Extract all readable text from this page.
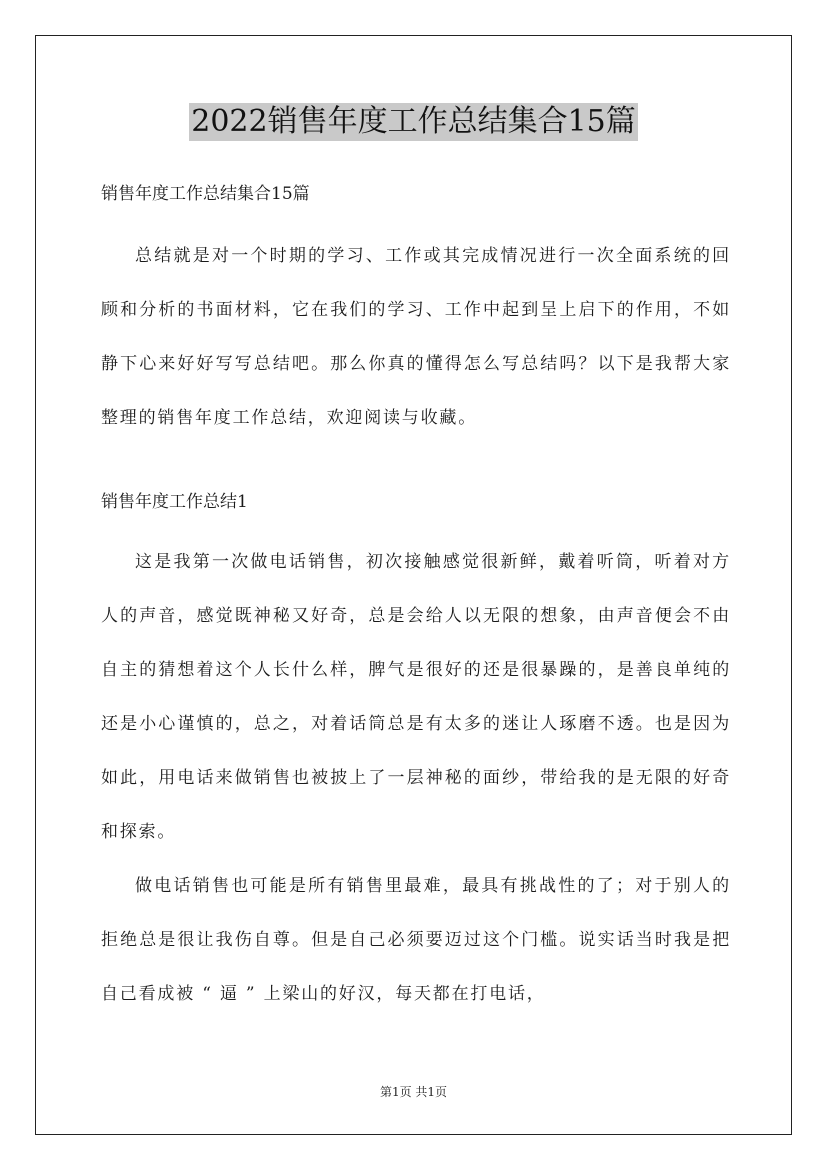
2022销售年度工作总结集合15篇

销售年度工作总结集合15篇

总结就是对一个时期的学习、工作或其完成情况进行一次全面系统的回顾和分析的书面材料，它在我们的学习、工作中起到呈上启下的作用，不如静下心来好好写写总结吧。那么你真的懂得怎么写总结吗？以下是我帮大家整理的销售年度工作总结，欢迎阅读与收藏。

销售年度工作总结1

这是我第一次做电话销售，初次接触感觉很新鲜，戴着听筒，听着对方人的声音，感觉既神秘又好奇，总是会给人以无限的想象，由声音便会不由自主的猜想着这个人长什么样，脾气是很好的还是很暴躁的，是善良单纯的还是小心谨慎的，总之，对着话筒总是有太多的迷让人琢磨不透。也是因为如此，用电话来做销售也被披上了一层神秘的面纱，带给我的是无限的好奇和探索。

做电话销售也可能是所有销售里最难，最具有挑战性的了；对于别人的拒绝总是很让我伤自尊。但是自己必须要迈过这个门槛。说实话当时我是把自己看成被 “ 逼 ” 上梁山的好汉，每天都在打电话，

第1页 共1页
